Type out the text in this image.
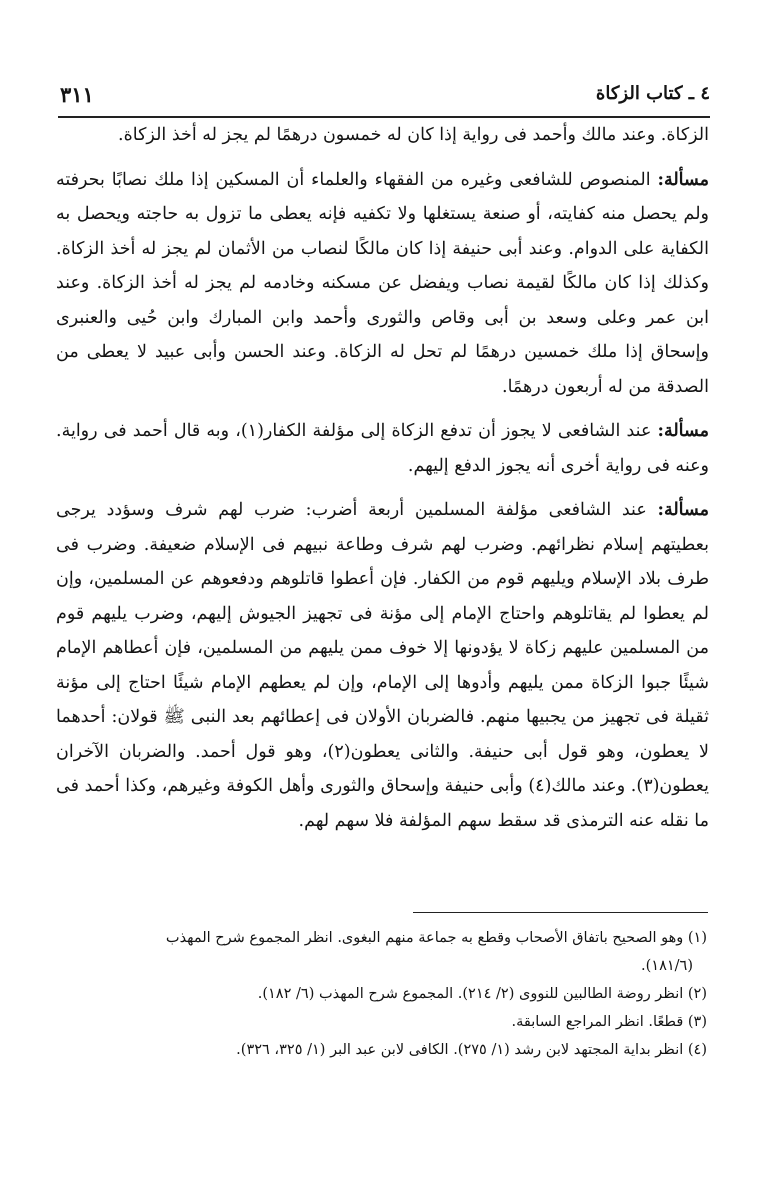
٣١١	٤ ـ كتاب الزكاة

الزكاة. وعند مالك وأحمد فى رواية إذا كان له خمسون درهمًا لم يجز له أخذ الزكاة.

مسألة: المنصوص للشافعى وغيره من الفقهاء والعلماء أن المسكين إذا ملك نصابًا بحرفته ولم يحصل منه كفايته، أو صنعة يستغلها ولا تكفيه فإنه يعطى ما تزول به حاجته ويحصل به الكفاية على الدوام. وعند أبى حنيفة إذا كان مالكًا لنصاب من الأثمان لم يجز له أخذ الزكاة. وكذلك إذا كان مالكًا لقيمة نصاب ويفضل عن مسكنه وخادمه لم يجز له أخذ الزكاة. وعند ابن عمر وعلى وسعد بن أبى وقاص والثورى وأحمد وابن المبارك وابن حُيى والعنبرى وإسحاق إذا ملك خمسين درهمًا لم تحل له الزكاة. وعند الحسن وأبى عبيد لا يعطى من الصدقة من له أربعون درهمًا.

مسألة: عند الشافعى لا يجوز أن تدفع الزكاة إلى مؤلفة الكفار(١)، وبه قال أحمد فى رواية. وعنه فى رواية أخرى أنه يجوز الدفع إليهم.

مسألة: عند الشافعى مؤلفة المسلمين أربعة أضرب: ضرب لهم شرف وسؤدد يرجى بعطيتهم إسلام نظرائهم. وضرب لهم شرف وطاعة نبيهم فى الإسلام ضعيفة. وضرب فى طرف بلاد الإسلام ويليهم قوم من الكفار. فإن أعطوا قاتلوهم ودفعوهم عن المسلمين، وإن لم يعطوا لم يقاتلوهم واحتاج الإمام إلى مؤنة فى تجهيز الجيوش إليهم، وضرب يليهم قوم من المسلمين عليهم زكاة لا يؤدونها إلا خوف ممن يليهم من المسلمين، فإن أعطاهم الإمام شيئًا جبوا الزكاة ممن يليهم وأدوها إلى الإمام، وإن لم يعطهم الإمام شيئًا احتاج إلى مؤنة ثقيلة فى تجهيز من يجبيها منهم. فالضربان الأولان فى إعطائهم بعد النبى ﷺ قولان: أحدهما لا يعطون، وهو قول أبى حنيفة. والثانى يعطون(٢)، وهو قول أحمد. والضربان الآخران يعطون(٣). وعند مالك(٤) وأبى حنيفة وإسحاق والثورى وأهل الكوفة وغيرهم، وكذا أحمد فى ما نقله عنه الترمذى قد سقط سهم المؤلفة فلا سهم لهم.

(١) وهو الصحيح باتفاق الأصحاب وقطع به جماعة منهم البغوى. انظر المجموع شرح المهذب

(١٨١/٦).

(٢) انظر روضة الطالبين للنووى (٢/ ٢١٤). المجموع شرح المهذب (٦/ ١٨٢).

(٣) قطعًا. انظر المراجع السابقة.

(٤) انظر بداية المجتهد لابن رشد (١/ ٢٧٥). الكافى لابن عبد البر (١/ ٣٢٥، ٣٢٦).
